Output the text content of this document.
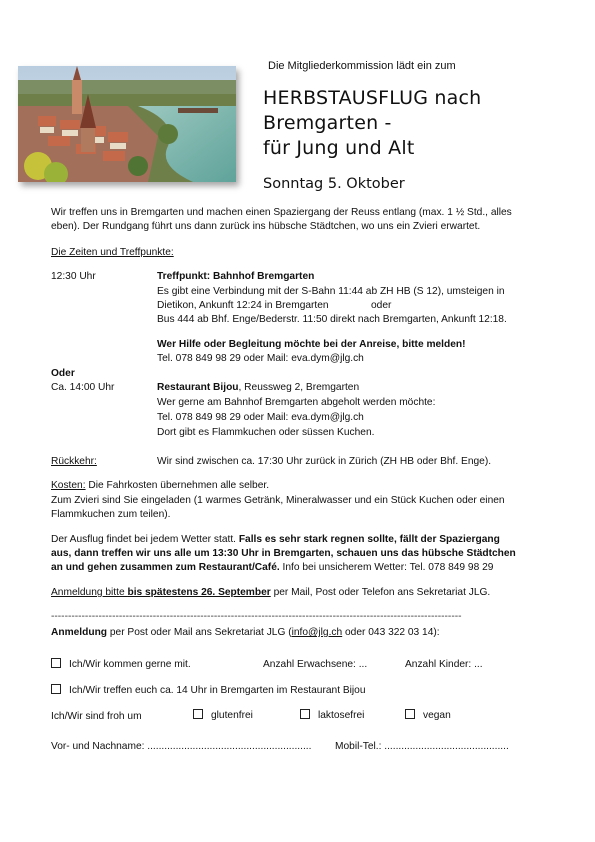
Die Mitgliederkommission lädt ein zum
HERBSTAUSFLUG nach
Bremgarten -
für Jung und Alt
Sonntag 5. Oktober
Wir treffen uns in Bremgarten und machen einen Spaziergang der Reuss entlang (max. 1 ½ Std., alles
eben). Der Rundgang führt uns dann zurück ins hübsche Städtchen, wo uns ein Zvieri erwartet.
Die Zeiten und Treffpunkte:
12:30 Uhr	Treffpunkt: Bahnhof Bremgarten
Es gibt eine Verbindung mit der S-Bahn 11:44 ab ZH HB (S 12), umsteigen in
Dietikon, Ankunft 12:24 in Bremgarten	oder
Bus 444 ab Bhf. Enge/Bederstr. 11:50 direkt nach Bremgarten, Ankunft 12:18.
Wer Hilfe oder Begleitung möchte bei der Anreise, bitte melden!
Tel. 078 849 98 29 oder Mail: eva.dym@jlg.ch
Oder
Ca. 14:00 Uhr	Restaurant Bijou, Reussweg 2, Bremgarten
Wer gerne am Bahnhof Bremgarten abgeholt werden möchte:
Tel. 078 849 98 29 oder Mail: eva.dym@jlg.ch
Dort gibt es Flammkuchen oder süssen Kuchen.
Rückkehr:	Wir sind zwischen ca. 17:30 Uhr zurück in Zürich (ZH HB oder Bhf. Enge).
Kosten: Die Fahrkosten übernehmen alle selber.
Zum Zvieri sind Sie eingeladen (1 warmes Getränk, Mineralwasser und ein Stück Kuchen oder einen
Flammkuchen zum teilen).
Der Ausflug findet bei jedem Wetter statt. Falls es sehr stark regnen sollte, fällt der Spaziergang
aus, dann treffen wir uns alle um 13:30 Uhr in Bremgarten, schauen uns das hübsche Städtchen
an und gehen zusammen zum Restaurant/Café. Info bei unsicherem Wetter: Tel. 078 849 98 29
Anmeldung bitte bis spätestens 26. September per Mail, Post oder Telefon ans Sekretariat JLG.
-------------------------------------------------------------------------------------------------------------------------
Anmeldung per Post oder Mail ans Sekretariat JLG (info@jlg.ch oder 043 322 03 14):
Ich/Wir kommen gerne mit.	Anzahl Erwachsene: ...	Anzahl Kinder: ...
Ich/Wir treffen euch ca. 14 Uhr in Bremgarten im Restaurant Bijou
Ich/Wir sind froh um	glutenfrei	laktosefrei	vegan
Vor- und Nachname: .......................................................... Mobil-Tel.: ............................................
